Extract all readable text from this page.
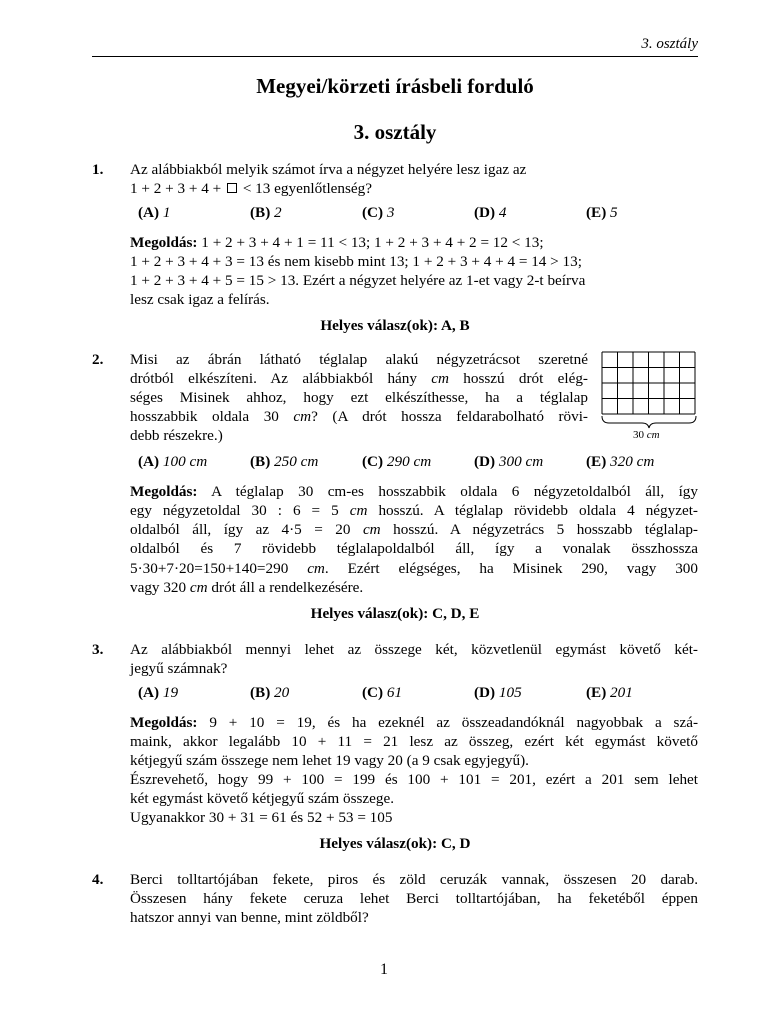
3. osztály
Megyei/körzeti írásbeli forduló
3. osztály
1. Az alábbiakból melyik számot írva a négyzet helyére lesz igaz az
1 + 2 + 3 + 4 +  < 13 egyenlőtlenség?
(A) 1	(B) 2	(C) 3	(D) 4	(E) 5
Megoldás: 1 + 2 + 3 + 4 + 1 = 11 < 13; 1 + 2 + 3 + 4 + 2 = 12 < 13;
1 + 2 + 3 + 4 + 3 = 13 és nem kisebb mint 13; 1 + 2 + 3 + 4 + 4 = 14 > 13;
1 + 2 + 3 + 4 + 5 = 15 > 13. Ezért a négyzet helyére az 1-et vagy 2-t beírva
lesz csak igaz a felírás.
Helyes válasz(ok): A, B
2. Misi az ábrán látható téglalap alakú négyzetrácsot szeretné
drótból elkészíteni. Az alábbiakból hány cm hosszú drót elég-
séges Misinek ahhoz, hogy ezt elkészíthesse, ha a téglalap
hosszabbik oldala 30 cm? (A drót hossza feldarabolható rövi-
debb részekre.)	30 cm
(A) 100 cm	(B) 250 cm	(C) 290 cm	(D) 300 cm	(E) 320 cm
Megoldás: A téglalap 30 cm-es hosszabbik oldala 6 négyzetoldalból áll, így
egy négyzetoldal 30 : 6 = 5 cm hosszú. A téglalap rövidebb oldala 4 négyzet-
oldalból áll, így az 4·5 = 20 cm hosszú. A négyzetrács 5 hosszabb téglalap-
oldalból és 7 rövidebb téglalapoldalból áll, így a vonalak összhossza
5·30+7·20=150+140=290 cm. Ezért elégséges, ha Misinek 290, vagy 300
vagy 320 cm drót áll a rendelkezésére.
Helyes válasz(ok): C, D, E
3. Az alábbiakból mennyi lehet az összege két, közvetlenül egymást követő két-
jegyű számnak?
(A) 19	(B) 20	(C) 61	(D) 105	(E) 201
Megoldás: 9 + 10 = 19, és ha ezeknél az összeadandóknál nagyobbak a szá-
maink, akkor legalább 10 + 11 = 21 lesz az összeg, ezért két egymást követő
kétjegyű szám összege nem lehet 19 vagy 20 (a 9 csak egyjegyű).
Észrevehető, hogy 99 + 100 = 199 és 100 + 101 = 201, ezért a 201 sem lehet
két egymást követő kétjegyű szám összege.
Ugyanakkor 30 + 31 = 61 és 52 + 53 = 105
Helyes válasz(ok): C, D
4. Berci tolltartójában fekete, piros és zöld ceruzák vannak, összesen 20 darab.
Összesen hány fekete ceruza lehet Berci tolltartójában, ha feketéből éppen
hatszor annyi van benne, mint zöldből?
1
